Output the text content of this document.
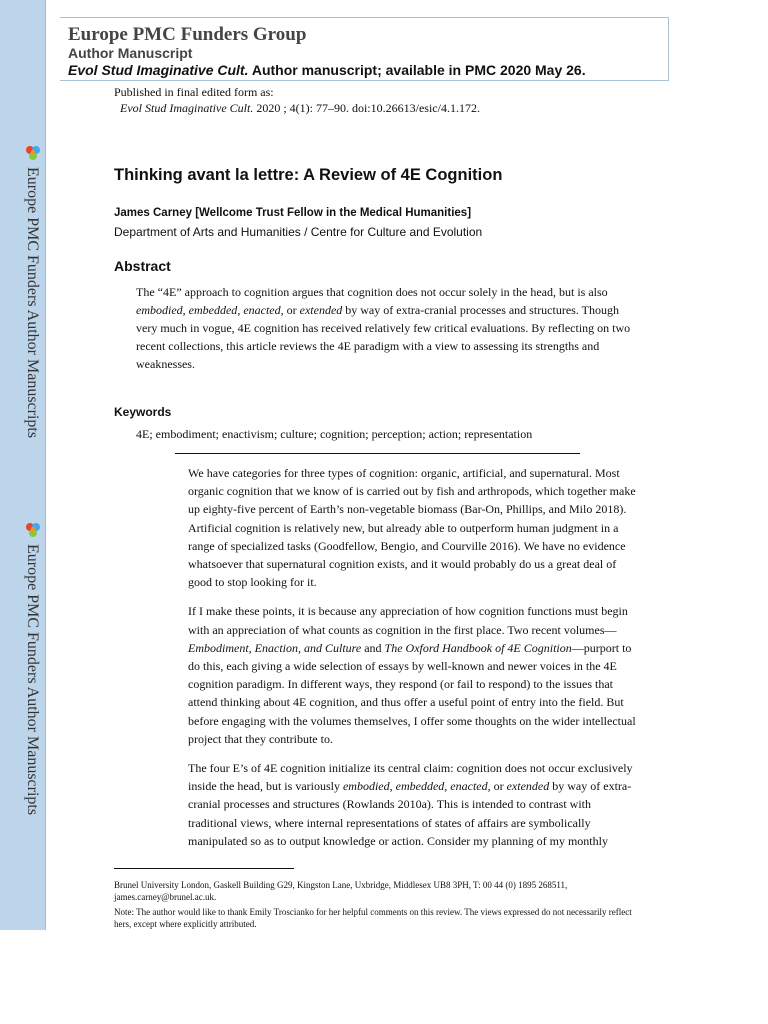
Europe PMC Funders Author Manuscripts
Europe PMC Funders Author Manuscripts
Europe PMC Funders Group
Author Manuscript
Evol Stud Imaginative Cult. Author manuscript; available in PMC 2020 May 26.
Published in final edited form as:
Evol Stud Imaginative Cult. 2020 ; 4(1): 77–90. doi:10.26613/esic/4.1.172.
Thinking avant la lettre: A Review of 4E Cognition
James Carney [Wellcome Trust Fellow in the Medical Humanities]
Department of Arts and Humanities / Centre for Culture and Evolution
Abstract
The “4E” approach to cognition argues that cognition does not occur solely in the head, but is also embodied, embedded, enacted, or extended by way of extra-cranial processes and structures. Though very much in vogue, 4E cognition has received relatively few critical evaluations. By reflecting on two recent collections, this article reviews the 4E paradigm with a view to assessing its strengths and weaknesses.
Keywords
4E; embodiment; enactivism; culture; cognition; perception; action; representation

We have categories for three types of cognition: organic, artificial, and supernatural. Most organic cognition that we know of is carried out by fish and arthropods, which together make up eighty-five percent of Earth’s non-vegetable biomass (Bar-On, Phillips, and Milo 2018). Artificial cognition is relatively new, but already able to outperform human judgment in a range of specialized tasks (Goodfellow, Bengio, and Courville 2016). We have no evidence whatsoever that supernatural cognition exists, and it would probably do us a great deal of good to stop looking for it.

If I make these points, it is because any appreciation of how cognition functions must begin with an appreciation of what counts as cognition in the first place. Two recent volumes—Embodiment, Enaction, and Culture and The Oxford Handbook of 4E Cognition—purport to do this, each giving a wide selection of essays by well-known and newer voices in the 4E cognition paradigm. In different ways, they respond (or fail to respond) to the issues that attend thinking about 4E cognition, and thus offer a useful point of entry into the field. But before engaging with the volumes themselves, I offer some thoughts on the wider intellectual project that they contribute to.

The four E’s of 4E cognition initialize its central claim: cognition does not occur exclusively inside the head, but is variously embodied, embedded, enacted, or extended by way of extra-cranial processes and structures (Rowlands 2010a). This is intended to contrast with traditional views, where internal representations of states of affairs are symbolically manipulated so as to output knowledge or action. Consider my planning of my monthly

Brunel University London, Gaskell Building G29, Kingston Lane, Uxbridge, Middlesex UB8 3PH, T: 00 44 (0) 1895 268511, james.carney@brunel.ac.uk.
Note: The author would like to thank Emily Troscianko for her helpful comments on this review. The views expressed do not necessarily reflect hers, except where explicitly attributed.
